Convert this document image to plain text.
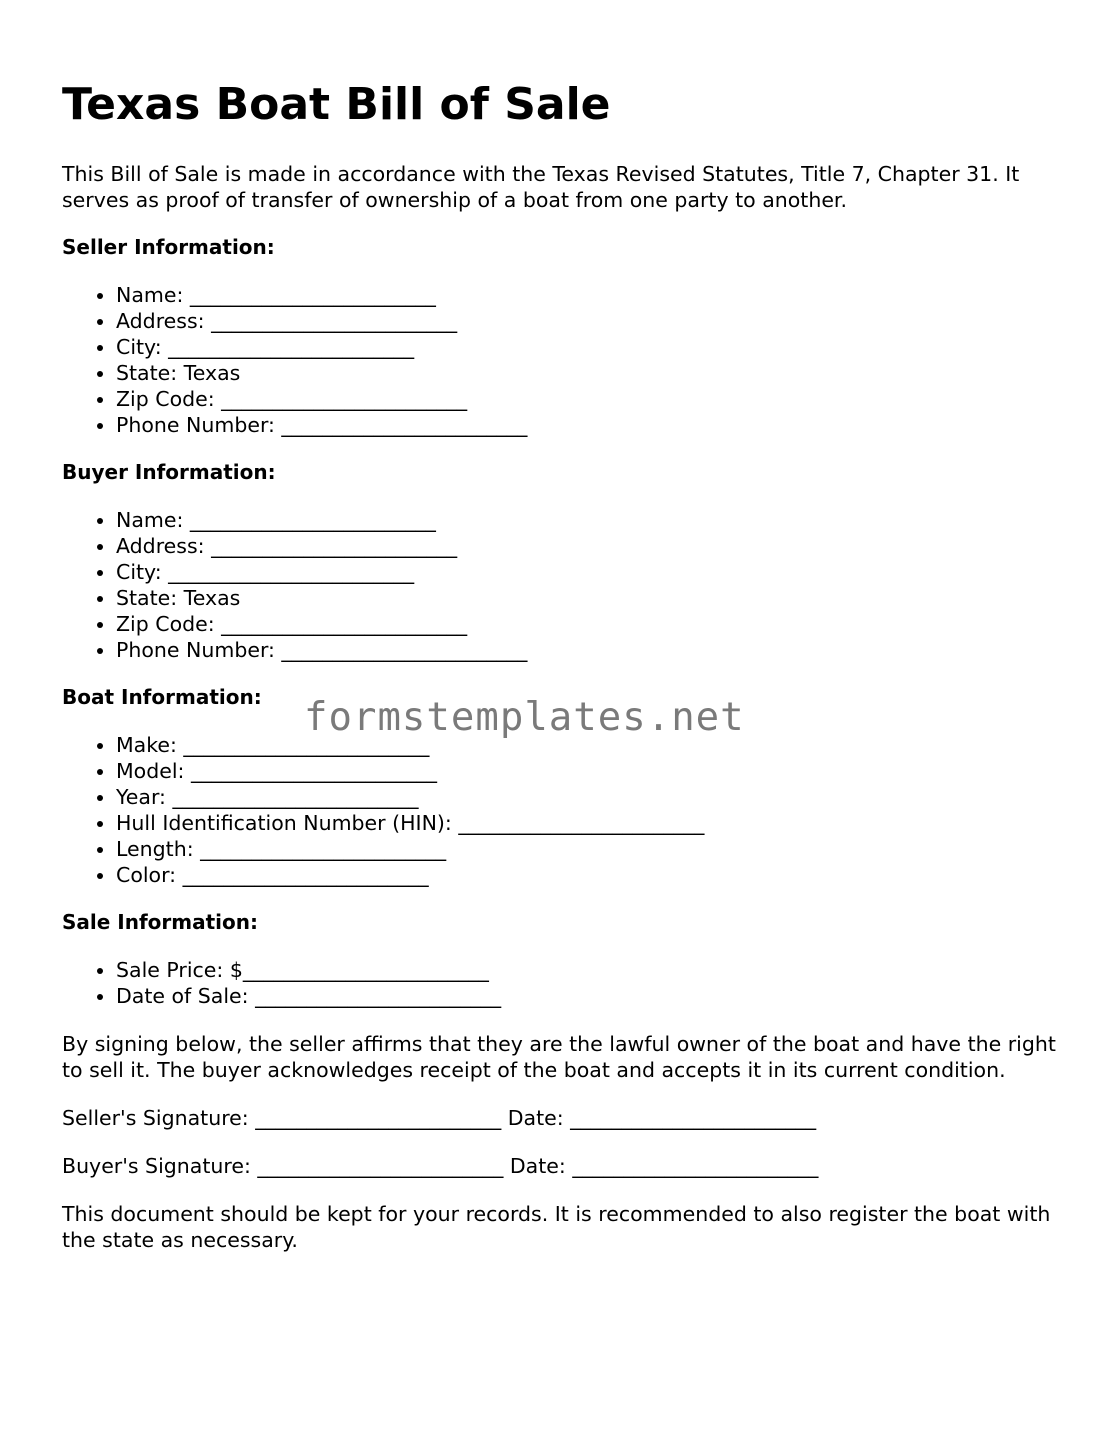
Texas Boat Bill of Sale

This Bill of Sale is made in accordance with the Texas Revised Statutes, Title 7, Chapter 31. It serves as proof of transfer of ownership of a boat from one party to another.

Seller Information:
• Name: ________________________
• Address: ________________________
• City: ________________________
• State: Texas
• Zip Code: ________________________
• Phone Number: ________________________
Buyer Information:
• Name: ________________________
• Address: ________________________
• City: ________________________
• State: Texas
• Zip Code: ________________________
• Phone Number: ________________________
Boat Information:
• Make: ________________________
• Model: ________________________
• Year: ________________________
• Hull Identification Number (HIN): ________________________
• Length: ________________________
• Color: ________________________
Sale Information:
• Sale Price: $________________________
• Date of Sale: ________________________

By signing below, the seller affirms that they are the lawful owner of the boat and have the right to sell it. The buyer acknowledges receipt of the boat and accepts it in its current condition.

Seller's Signature: ________________________ Date: ________________________

Buyer's Signature: ________________________ Date: ________________________

This document should be kept for your records. It is recommended to also register the boat with the state as necessary.

formstemplates.net
